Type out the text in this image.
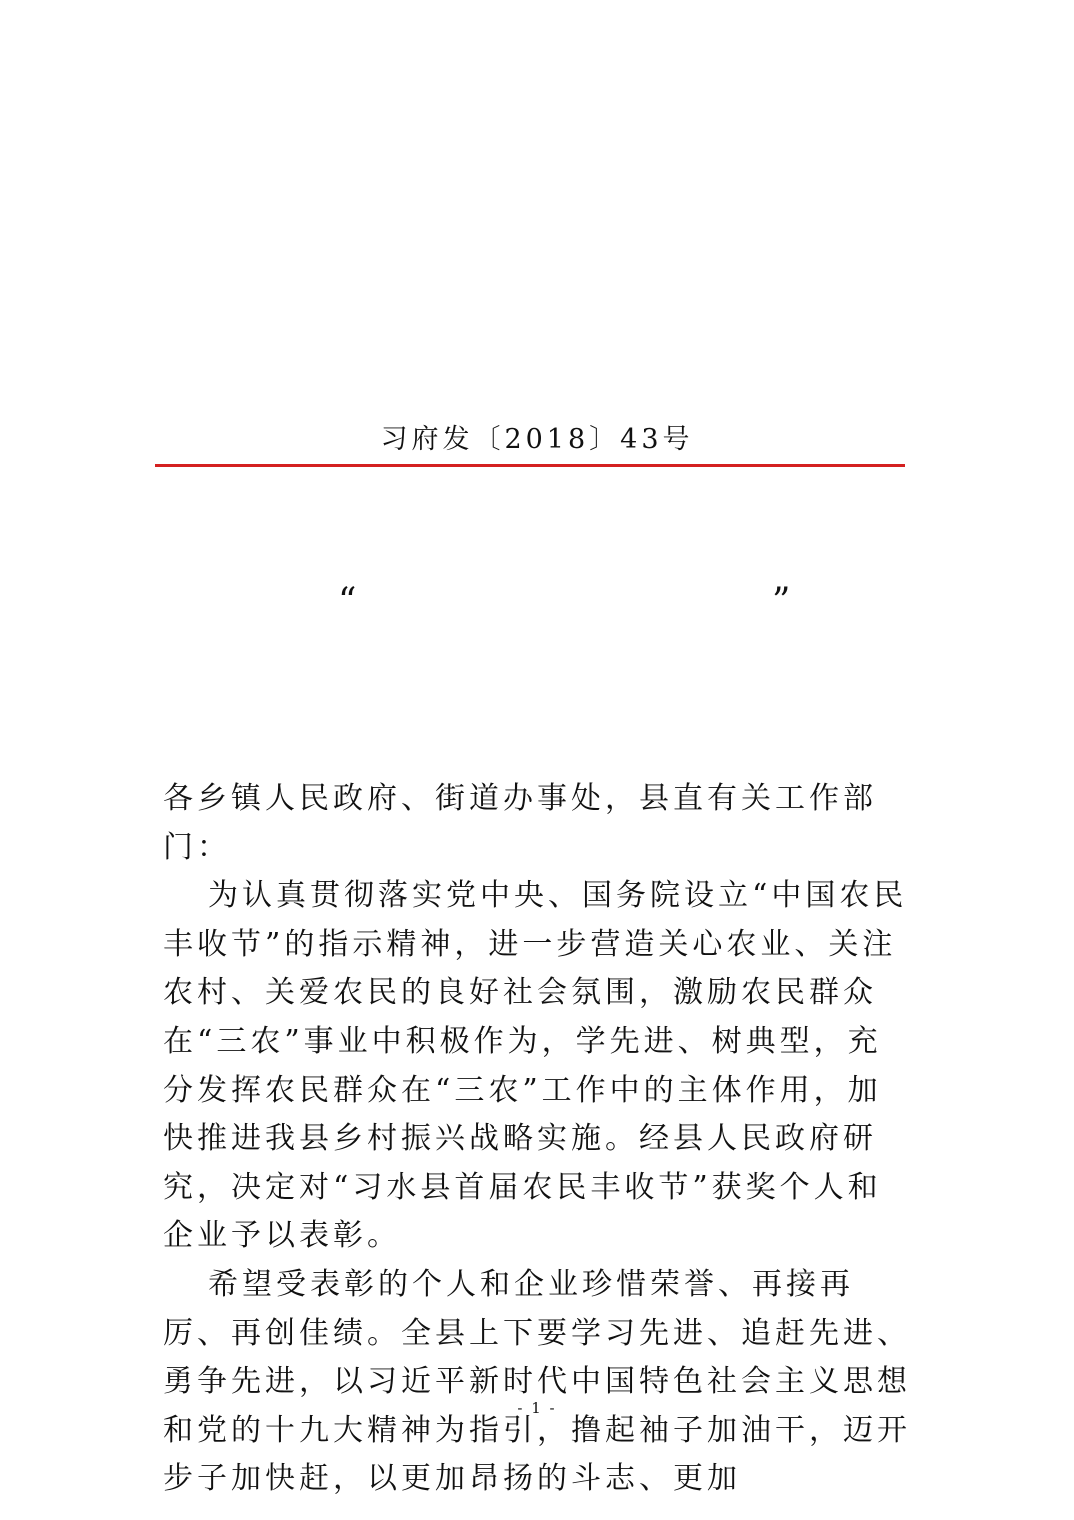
习府发〔2018〕43号
“	”

各乡镇人民政府、街道办事处，县直有关工作部门：

为认真贯彻落实党中央、国务院设立“中国农民丰收节”的指示精神，进一步营造关心农业、关注农村、关爱农民的良好社会氛围，激励农民群众在“三农”事业中积极作为，学先进、树典型，充分发挥农民群众在“三农”工作中的主体作用，加快推进我县乡村振兴战略实施。经县人民政府研究，决定对“习水县首届农民丰收节”获奖个人和企业予以表彰。

希望受表彰的个人和企业珍惜荣誉、再接再厉、再创佳绩。全县上下要学习先进、追赶先进、勇争先进，以习近平新时代中国特色社会主义思想和党的十九大精神为指引，撸起袖子加油干，迈开步子加快赶，以更加昂扬的斗志、更加

- 1 -
